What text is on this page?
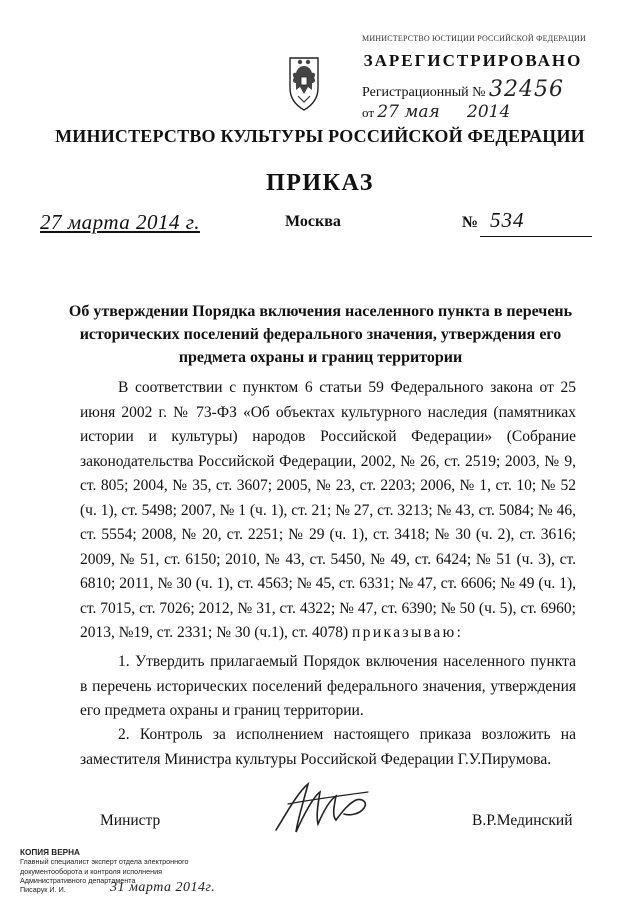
МИНИСТЕРСТВО ЮСТИЦИИ РОССИЙСКОЙ ФЕДЕРАЦИИ
ЗАРЕГИСТРИРОВАНО
Регистрационный № 32456
от 27 мая 2014
МИНИСТЕРСТВО КУЛЬТУРЫ РОССИЙСКОЙ ФЕДЕРАЦИИ
ПРИКАЗ
27 марта 2014 г.	Москва	№ 534
Об утверждении Порядка включения населенного пункта в перечень исторических поселений федерального значения, утверждения его предмета охраны и границ территории
В соответствии с пунктом 6 статьи 59 Федерального закона от 25 июня 2002 г. № 73-ФЗ «Об объектах культурного наследия (памятниках истории и культуры) народов Российской Федерации» (Собрание законодательства Российской Федерации, 2002, № 26, ст. 2519; 2003, № 9, ст. 805; 2004, № 35, ст. 3607; 2005, № 23, ст. 2203; 2006, № 1, ст. 10; № 52 (ч. 1), ст. 5498; 2007, № 1 (ч. 1), ст. 21; № 27, ст. 3213; № 43, ст. 5084; № 46, ст. 5554; 2008, № 20, ст. 2251; № 29 (ч. 1), ст. 3418; № 30 (ч. 2), ст. 3616; 2009, № 51, ст. 6150; 2010, № 43, ст. 5450, № 49, ст. 6424; № 51 (ч. 3), ст. 6810; 2011, № 30 (ч. 1), ст. 4563; № 45, ст. 6331; № 47, ст. 6606; № 49 (ч. 1), ст. 7015, ст. 7026; 2012, № 31, ст. 4322; № 47, ст. 6390; № 50 (ч. 5), ст. 6960; 2013, №19, ст. 2331; № 30 (ч.1), ст. 4078) приказываю:
1. Утвердить прилагаемый Порядок включения населенного пункта в перечень исторических поселений федерального значения, утверждения его предмета охраны и границ территории.
2. Контроль за исполнением настоящего приказа возложить на заместителя Министра культуры Российской Федерации Г.У.Пирумова.
Министр	В.Р.Мединский
КОПИЯ ВЕРНА
Главный специалист эксперт отдела электронного
документооборота и контроля исполнения
Административного департамента
Писарук И. И.	31 марта 2014г.
